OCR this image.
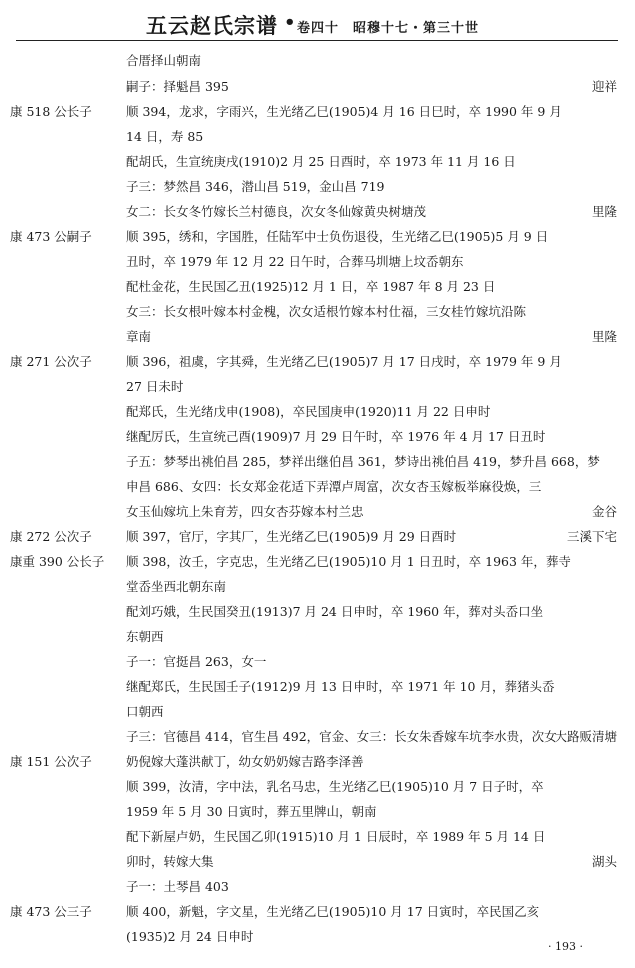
五云赵氏宗谱 • 卷四十　昭穆十七・第三十世
合厝择山朝南
嗣子：择魁昌 395
顺 394，龙求，字雨兴，生光绪乙巳(1905)4 月 16 日巳时，卒 1990 年 9 月
14 日，寿 85
配胡氏，生宣统庚戌(1910)2 月 25 日酉时，卒 1973 年 11 月 16 日
子三：梦然昌 346，潜山昌 519，金山昌 719
女二：长女冬竹嫁长兰村德良，次女冬仙嫁黄央树塘茂
顺 395，绣和，字国胜，任陆军中士负伤退役，生光绪乙巳(1905)5 月 9 日
丑时，卒 1979 年 12 月 22 日午时，合葬马圳塘上坟岙朝东
配杜金花，生民国乙丑(1925)12 月 1 日，卒 1987 年 8 月 23 日
女三：长女根叶嫁本村金槐，次女适根竹嫁本村仕福，三女桂竹嫁坑沿陈
章南
顺 396，祖虞，字其舜，生光绪乙巳(1905)7 月 17 日戌时，卒 1979 年 9 月
27 日未时
配郑氏，生光绪戊申(1908)，卒民国庚申(1920)11 月 22 日申时
继配厉氏，生宣统己酉(1909)7 月 29 日午时，卒 1976 年 4 月 17 日丑时
子五：梦琴出祧伯昌 285，梦祥出继伯昌 361，梦诗出祧伯昌 419，梦升昌 668，梦
申昌 686、女四：长女郑金花适下弄潭卢周富，次女杏玉嫁板举麻役焕，三
女玉仙嫁坑上朱育芳，四女杏芬嫁本村兰忠
顺 397，官厅，字其厂，生光绪乙巳(1905)9 月 29 日酉时
顺 398，汝壬，字克忠，生光绪乙巳(1905)10 月 1 日丑时，卒 1963 年，葬寺
堂岙坐西北朝东南
配刘巧娥，生民国癸丑(1913)7 月 24 日申时，卒 1960 年，葬对头岙口坐
东朝西
子一：官挺昌 263，女一
继配郑氏，生民国壬子(1912)9 月 13 日申时，卒 1971 年 10 月，葬猪头岙
口朝西
子三：官德昌 414，官生昌 492，官金、女三：长女朱香嫁车坑李水贵，次女
奶倪嫁大蓬洪献丁，幼女奶奶嫁吉路李泽善
顺 399，汝清，字中法，乳名马忠，生光绪乙巳(1905)10 月 7 日子时，卒
1959 年 5 月 30 日寅时，葬五里牌山，朝南
配下新屋卢奶，生民国乙卯(1915)10 月 1 日辰时，卒 1989 年 5 月 14 日
卯时，转嫁大集
子一：土琴昌 403
顺 400，新魁，字文星，生光绪乙巳(1905)10 月 17 日寅时，卒民国乙亥
(1935)2 月 24 日申时
康 518 公长子
康 473 公嗣子
康 271 公次子
康 272 公次子
康重 390 公长子
康 151 公次子
康 473 公三子
迎祥
里隆
里隆
金谷
三溪下宅
大路贩清塘
湖头
· 193 ·
